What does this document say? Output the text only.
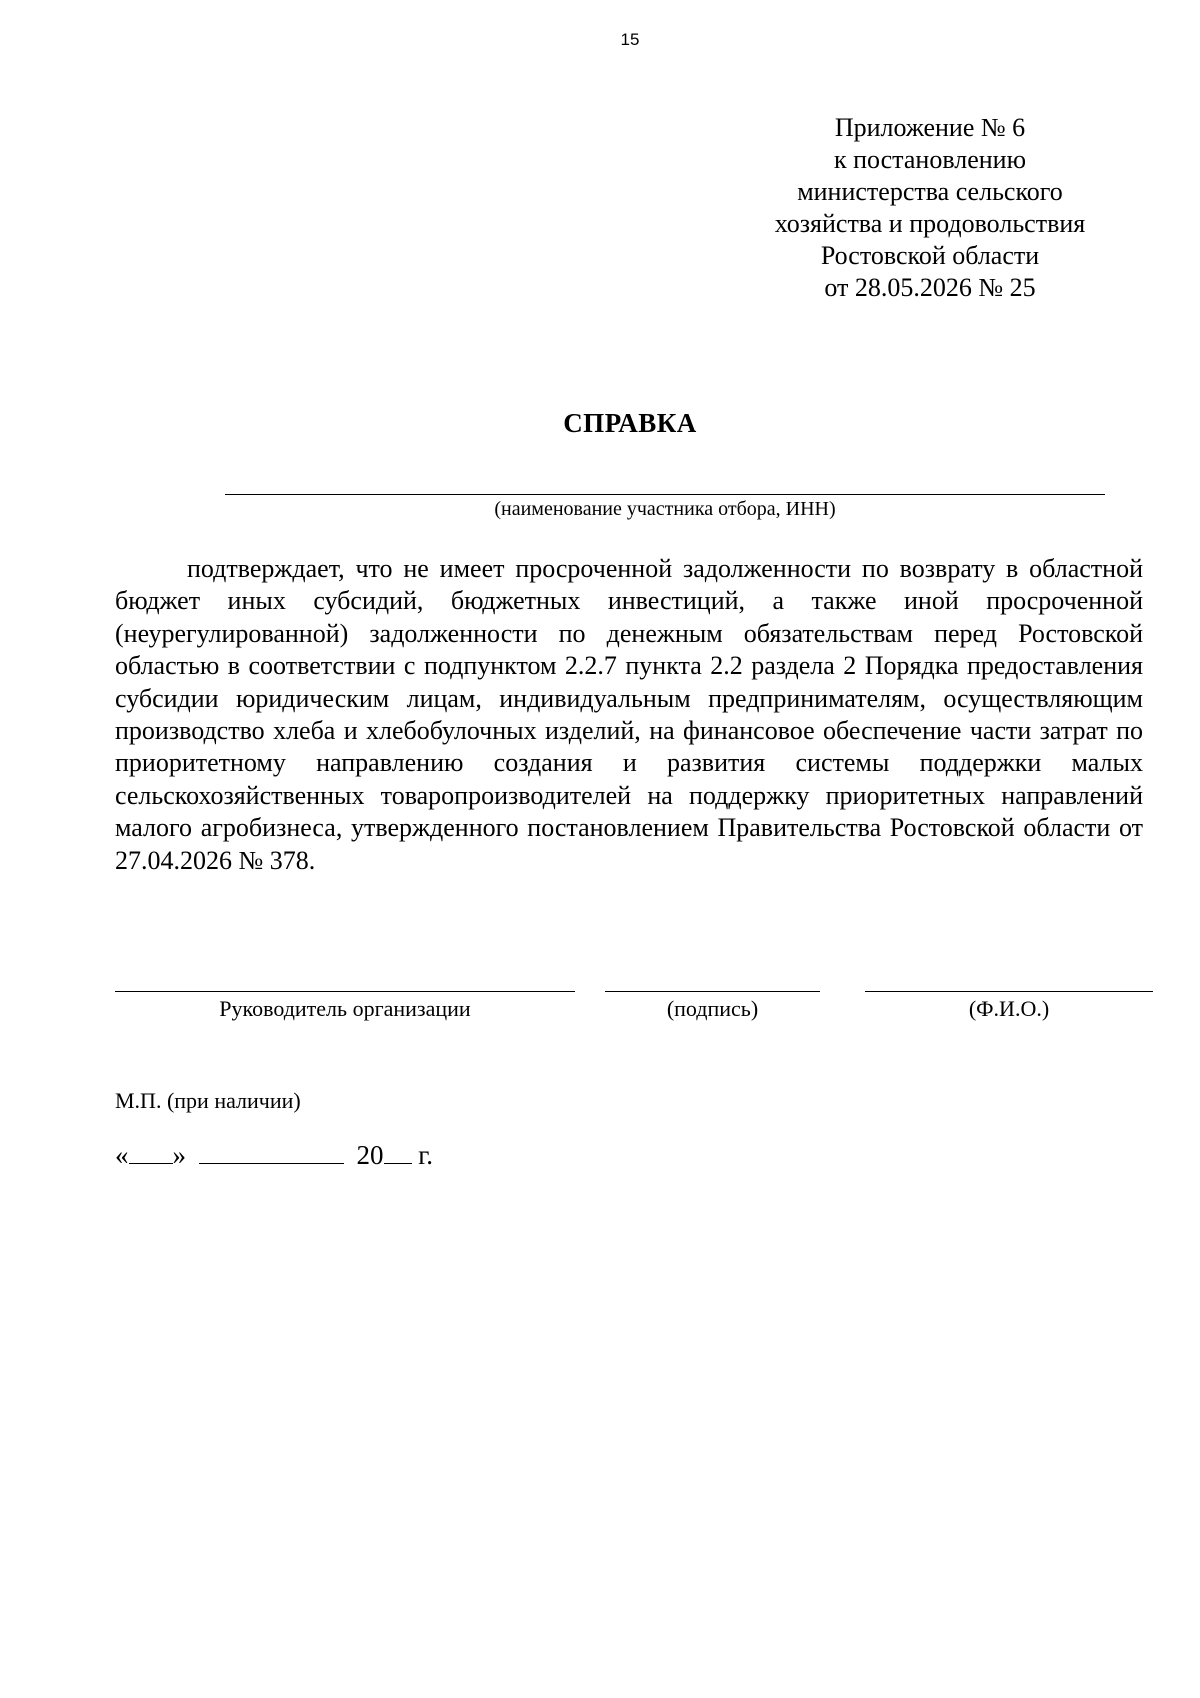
15
Приложение № 6
к постановлению
министерства сельского
хозяйства и продовольствия
Ростовской области
от 28.05.2026 № 25
СПРАВКА
(наименование участника отбора, ИНН)

подтверждает, что не имеет просроченной задолженности по возврату в областной бюджет иных субсидий, бюджетных инвестиций, а также иной просроченной (неурегулированной) задолженности по денежным обязательствам перед Ростовской областью в соответствии с подпунктом 2.2.7 пункта 2.2 раздела 2 Порядка предоставления субсидии юридическим лицам, индивидуальным предпринимателям, осуществляющим производство хлеба и хлебобулочных изделий, на финансовое обеспечение части затрат по приоритетному направлению создания и развития системы поддержки малых сельскохозяйственных товаропроизводителей на поддержку приоритетных направлений малого агробизнеса, утвержденного постановлением Правительства Ростовской области от 27.04.2026 № 378.

Руководитель организации	(подпись)	(Ф.И.О.)
М.П. (при наличии)
« »	20 г.
